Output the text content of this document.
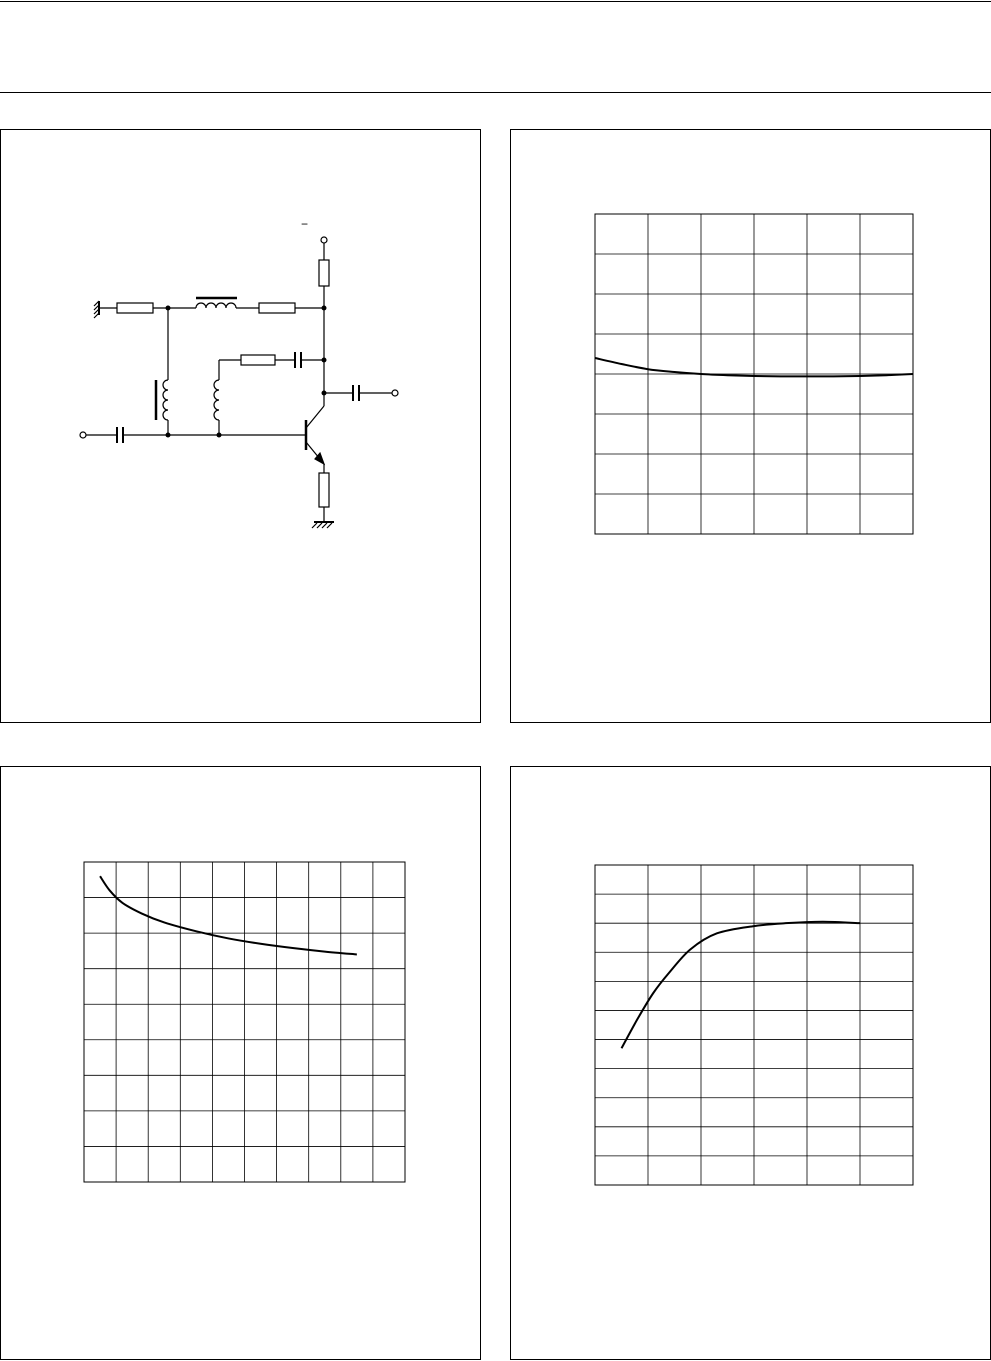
−
